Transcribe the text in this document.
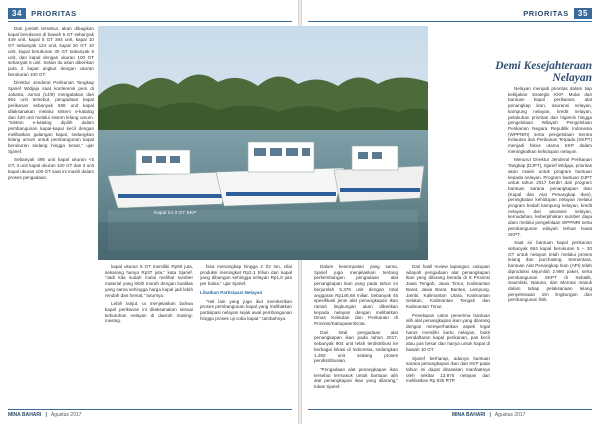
34	PRIORITAS

Dari jumlah tersebut, akan dibagikan kapal berukuran di bawah 5 GT sebanyak 449 unit, kapal 5 GT 364 unit, kapal 10 GT sebanyak 124 unit, kapal 20 GT 10 unit, kapal berukuran 30 GT sebanyak 6 unit, dan kapal dengan ukuran 100 GT sebanyak 5 unit. Selain itu akan diberikan pula 2 kapal angkut dengan ukuran berukuran 100 GT.

Direktur Jenderal Perikanan Tangkap Sjarief Widjaja saat konferensi pers di Jakarta, Jumat (14/8) mengatakan dari 664 unit tersebut, pengadaan kapal perikanan sebanyak 568 unit kapal dilaksanakan melalui sistem e-katalog dan 420 unit melalui sistem lelang umum. “Sistem e-katalog dipilih dalam pembangunan kapal-kapal kecil dengan melibatkan galangan kapal, sedangkan lelang umum untuk pembangunan kapal berukuran sedang hingga besar,” ujar Sjarief.

Sebanyak 495 unit kapal ukuran <5 GT, 3 unit kapal ukuran 100 GT dan 3 unit kapal ukuran 100 GT saat ini masih dalam proses pengadaan.

kapal ukuran 5 GT memiliki Rp50 juta, sekarang hanya Rp37 juta,” kata Sjarief. “Jadi kita sudah mulai melihat sumber material yang lebih murah dengan kualitas yang sama sehingga harga kapal jadi lebih rendah dan hemat,” tuturnya.

Lebih lanjut, ia menjelaskan bahwa kapal perikanan ini dilaksanakan sesuai kebutuhan nelayan di daerah masing-masing.

bisa menangkap hingga 2 t/3 ton, nilai produksi meningkat Rp2,1 triliun dari kapal yang dibangun sehingga nelayan Rp1,8 juta per bulan,” ujar Sjarief.

Libatkan Partisipasi Nelayan

“Hal lain yang juga ikut memberikan proses pembangunan kapal yang melibatkan partisipasi nelayan sejak awal pembangunan hingga proses uji coba kapal,” tambahnya.

MINA BAHARI | Agustus 2017
PRIORITAS	35
Demi Kesejahteraan Nelayan

Dalam kesempatan yang sama, Sjarief juga menjelaskan tentang perkembangan pengadaan alat penangkapan ikan yang pada tahun ini berjumlah 5.376 unit dengan total anggaran Rp146,68 miliar. Sebanyak 45 spesifikasi jenis alat penangkapan ikan ramah lingkungan akan diberikan kepada nelayan dengan melibatkan Dinas Kelautan dan Perikanan di Provinsi/Kabupaten/Kota.

Dari total pengadaan alat penangkapan ikan pada tahun 2017, sebanyak 904 unit telah terdistribusi ke berbagai lokasi di Indonesia, sedangkan 1.260 unit sedang proses pendistribusian.

“Pengadaan alat penangkapan ikan tersebut termasuk untuk bantuan alih alat penangkapan ikan yang dilarang,” tukas Sjarief.

Dari hasil review lapangan, cakupan wilayah pengadaan alat penangkapan ikan yang dilarang berada di 8 Provinsi Jawa Tengah, Jawa Timur, Kalimantan Barat, Jawa Barat, Banten, Lampung, Jambi, Kalimantan Utara, Kalimantan Selatan, Kalimantan Tengah dan Kalimantan Timur.

Penetapan calon penerima bantuan alih alat penangkapan ikan yang dilarang dengan memperhatikan aspek legal harus memiliki kartu nelayan, bukti pendaftaran kapal perikanan, pas kecil atau pas besar dan hanya untuk kapal di bawah 10 GT.

Sjarief berharap, adanya bantuan sarana penangkapan ikan dari KKP pada tahun ini dapat dirasakan manfaatnya oleh sekitar 13.975 nelayan dan melibatkan Rp 925 RTP.

Nelayan menjadi prioritas dalam tiap kebijakan strategis KKP. Mulai dari bantuan kapal perikanan, alat penangkap ikan, asuransi nelayan, kampung nelayan, kredit nelayan, pelabuhan prioritas dan higienis hingga pengelolaan Wilayah Pengelolaan Perikanan Negara Republik Indonesia (WPPNRI) serta pengelolaan Sentra Kelautan dan Perikanan Terpadu (SKPT) menjadi fokus utama KKP dalam meningkatkan kehidupan nelayan.

Menurut Direktur Jenderal Perikanan Tangkap (DJPT), Sjarief Widjaja, prioritas akan makin untuk program bantuan kepada nelayan. Program bantuan DJPT untuk tahun 2017 berdiri dari program bantuan sarana penangkapan ikan (Kapal dan Alat Penangkap Ikan), peningkatan kehidupan nelayan melalui program bedah kampung nelayan, kredit nelayan, dan asuransi nelayan, kemudahan, keberpihakan sumber daya alam melalui pengelolaan WPPNRI serta pembangunan wilayah terluar lewat SKPT.

Saat ini bantuan kapal perikanan sebanyak 664 kapal berukuran 5 – 30 GT untuk nelayan telah melalui proses lelang dan purchasing. Sementara, bantuan Alat Penangkap Ikan (API) telah diproduksi sejumlah 2.990 paket, serta pembangunan SKPT di Sebatik, Saumlaki, Natuna, dan Morotai masuk dalam tahap pelaksanaan lelang penyelesaian izin lingkungan dan pembangunan fisik.

MINA BAHARI | Agustus 2017
Kapal ini 3 GT KKP
